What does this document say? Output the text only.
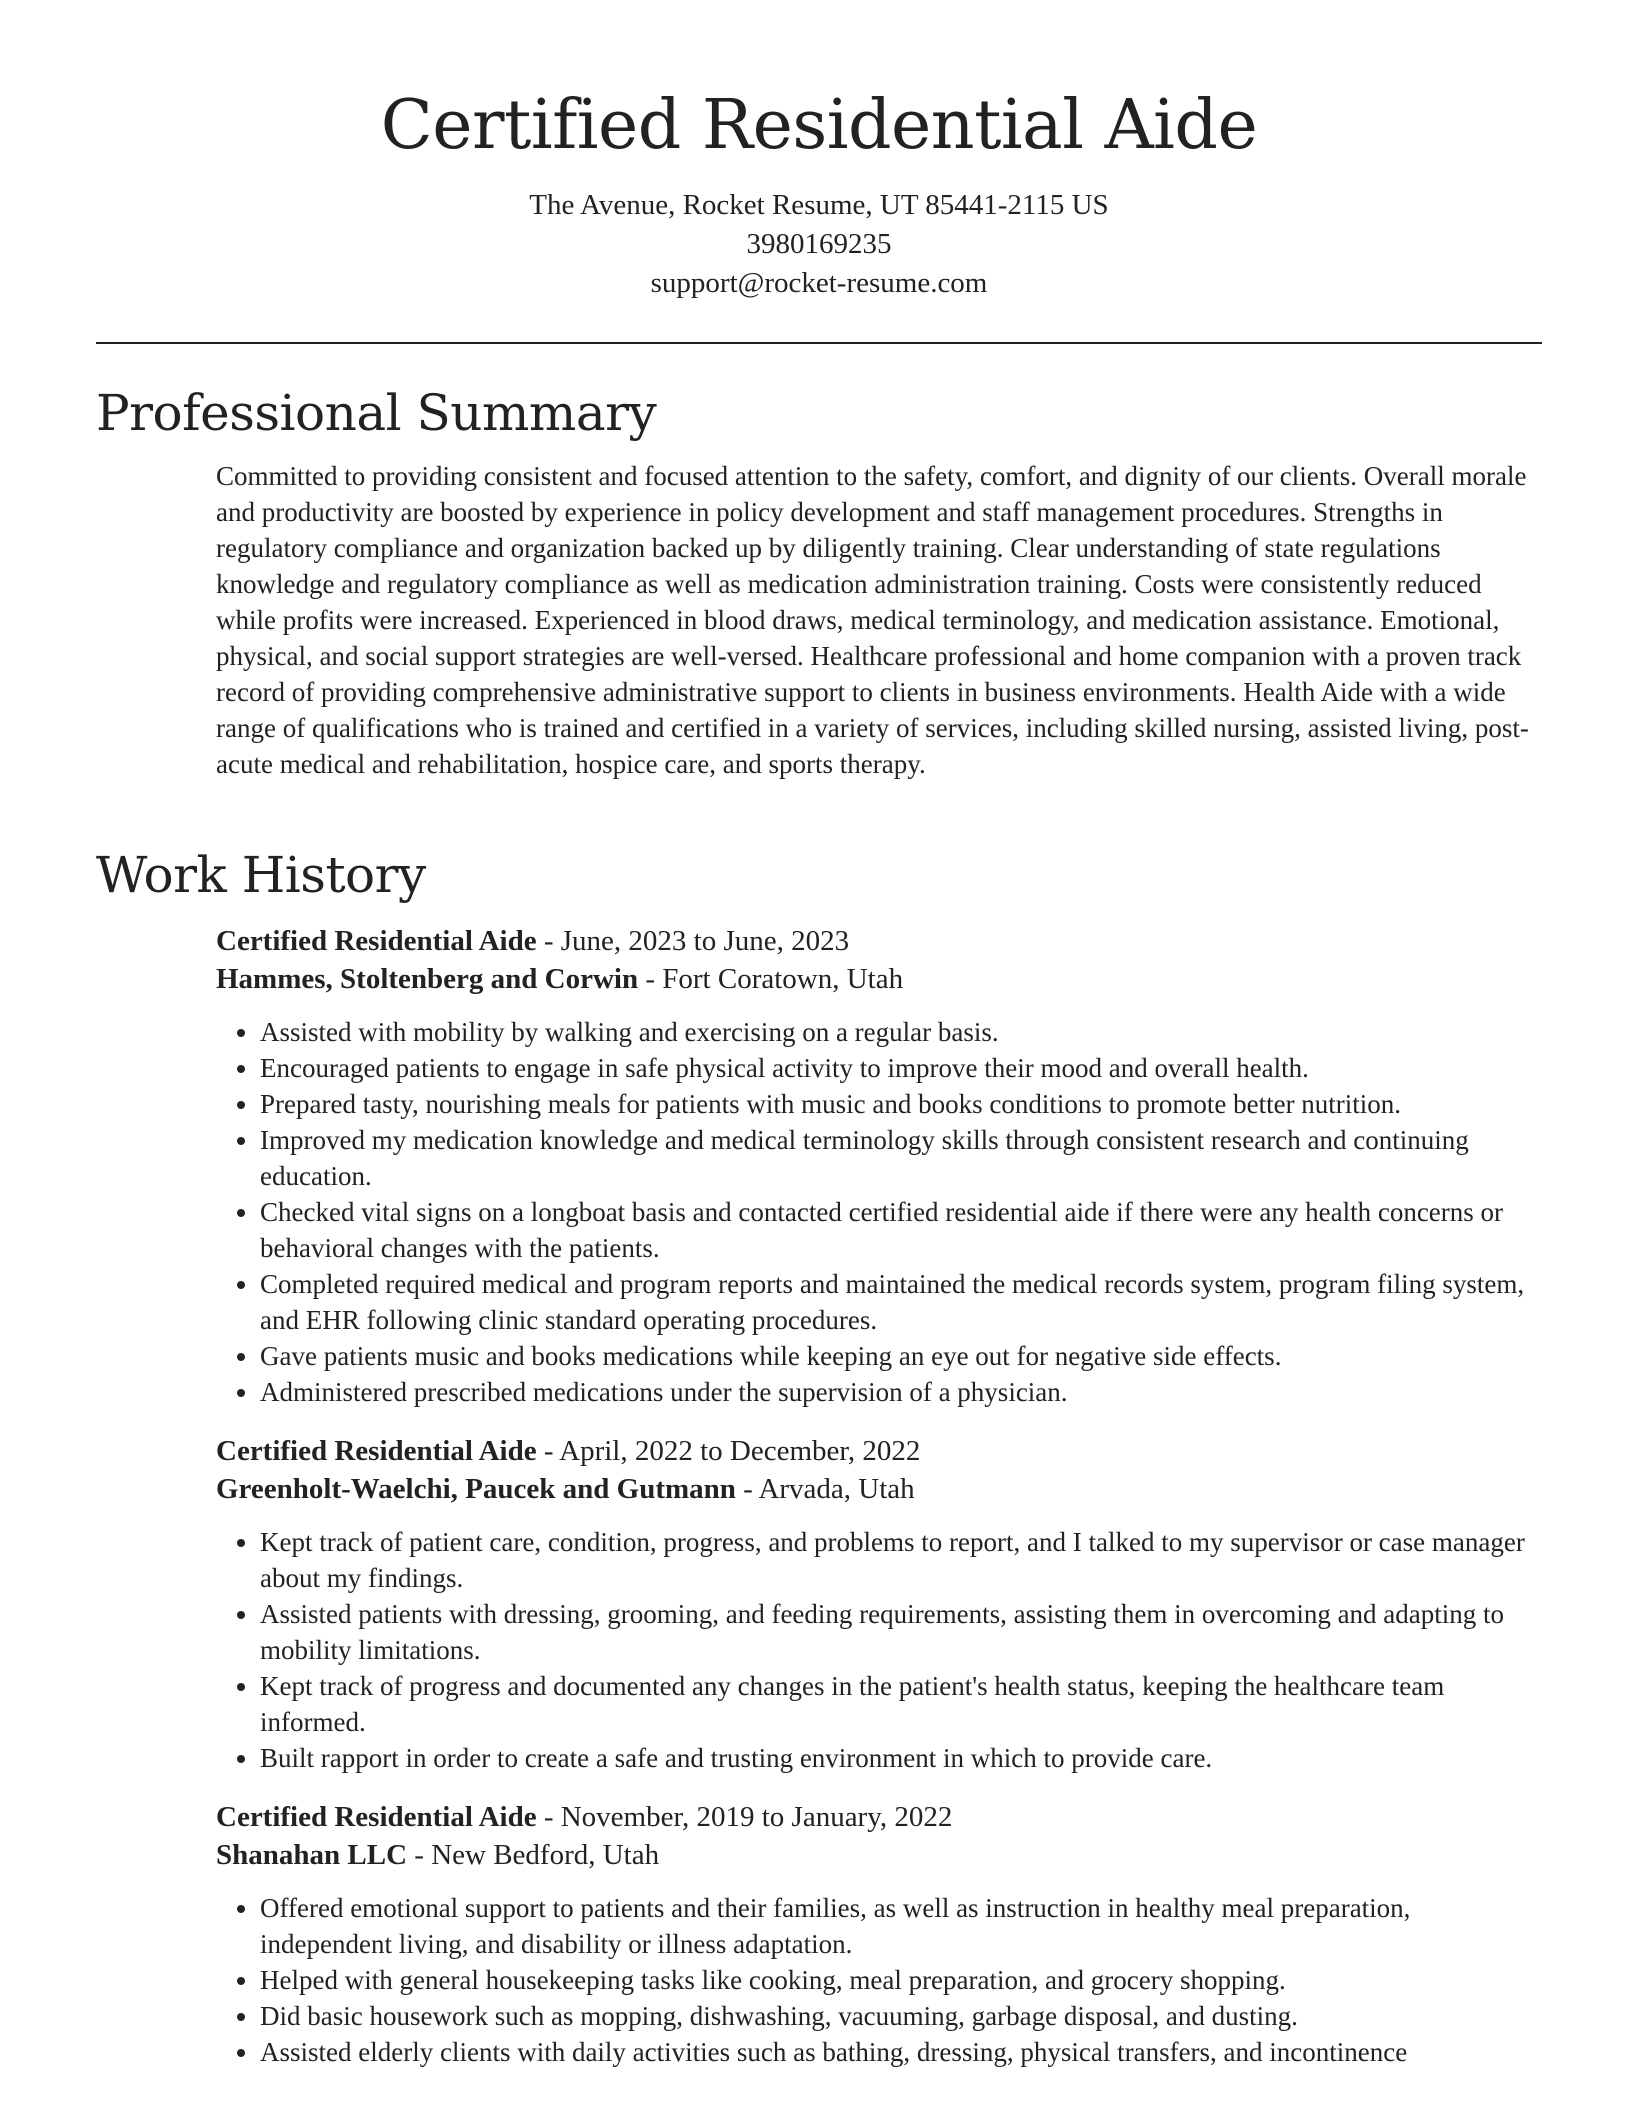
Certified Residential Aide
The Avenue, Rocket Resume, UT 85441-2115 US
3980169235
support@rocket-resume.com
Professional Summary

Committed to providing consistent and focused attention to the safety, comfort, and dignity of our clients. Overall morale and productivity are boosted by experience in policy development and staff management procedures. Strengths in regulatory compliance and organization backed up by diligently training. Clear understanding of state regulations knowledge and regulatory compliance as well as medication administration training. Costs were consistently reduced while profits were increased. Experienced in blood draws, medical terminology, and medication assistance. Emotional, physical, and social support strategies are well-versed. Healthcare professional and home companion with a proven track record of providing comprehensive administrative support to clients in business environments. Health Aide with a wide range of qualifications who is trained and certified in a variety of services, including skilled nursing, assisted living, post-acute medical and rehabilitation, hospice care, and sports therapy.

Work History
Certified Residential Aide - June, 2023 to June, 2023
Hammes, Stoltenberg and Corwin - Fort Coratown, Utah
• Assisted with mobility by walking and exercising on a regular basis.
• Encouraged patients to engage in safe physical activity to improve their mood and overall health.
• Prepared tasty, nourishing meals for patients with music and books conditions to promote better nutrition.
• Improved my medication knowledge and medical terminology skills through consistent research and continuing education.
• Checked vital signs on a longboat basis and contacted certified residential aide if there were any health concerns or behavioral changes with the patients.
• Completed required medical and program reports and maintained the medical records system, program filing system, and EHR following clinic standard operating procedures.
• Gave patients music and books medications while keeping an eye out for negative side effects.
• Administered prescribed medications under the supervision of a physician.
Certified Residential Aide - April, 2022 to December, 2022
Greenholt-Waelchi, Paucek and Gutmann - Arvada, Utah
• Kept track of patient care, condition, progress, and problems to report, and I talked to my supervisor or case manager about my findings.
• Assisted patients with dressing, grooming, and feeding requirements, assisting them in overcoming and adapting to mobility limitations.
• Kept track of progress and documented any changes in the patient's health status, keeping the healthcare team informed.
• Built rapport in order to create a safe and trusting environment in which to provide care.
Certified Residential Aide - November, 2019 to January, 2022
Shanahan LLC - New Bedford, Utah
• Offered emotional support to patients and their families, as well as instruction in healthy meal preparation, independent living, and disability or illness adaptation.
• Helped with general housekeeping tasks like cooking, meal preparation, and grocery shopping.
• Did basic housework such as mopping, dishwashing, vacuuming, garbage disposal, and dusting.
• Assisted elderly clients with daily activities such as bathing, dressing, physical transfers, and incontinence
